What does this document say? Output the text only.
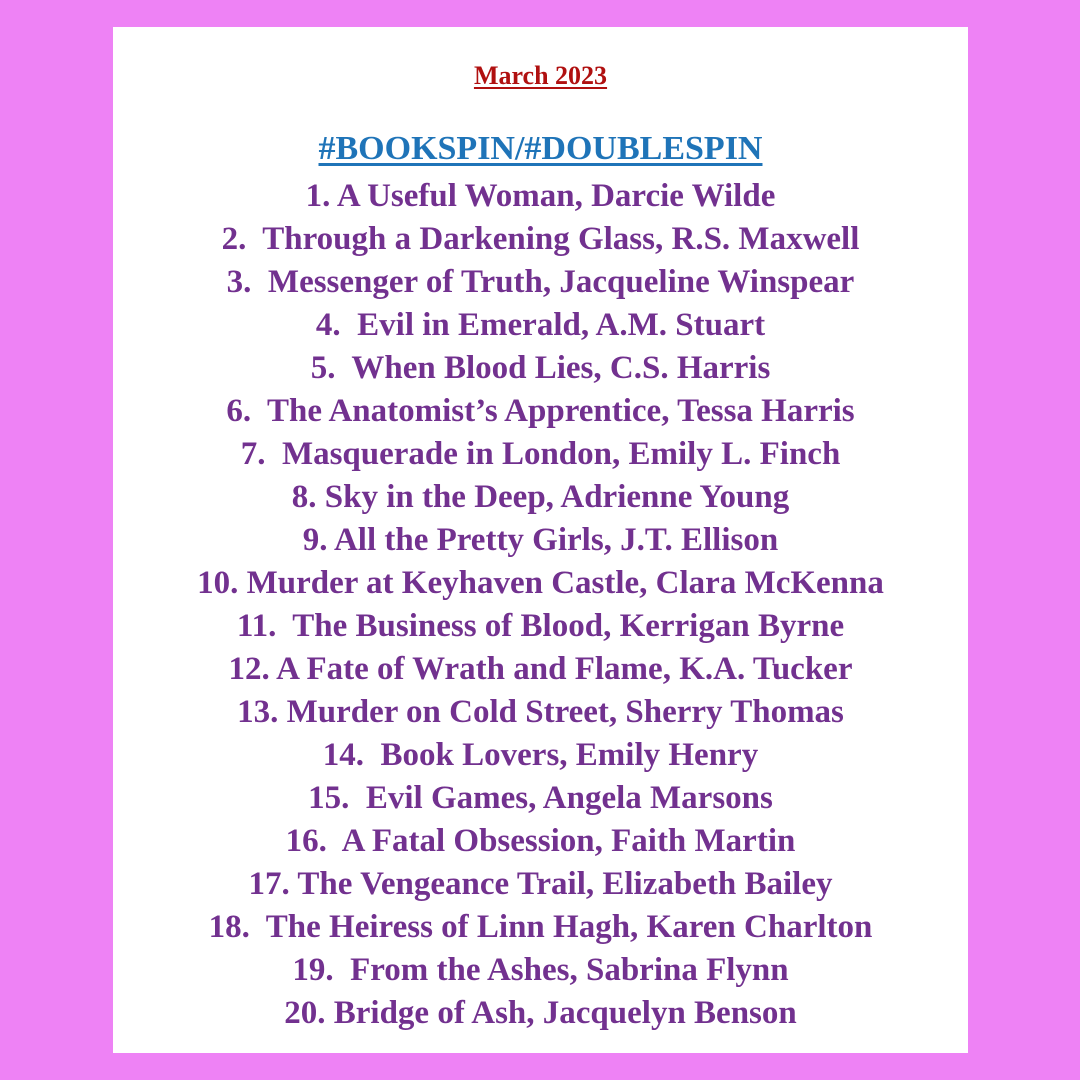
March 2023
#BOOKSPIN/#DOUBLESPIN
1. A Useful Woman, Darcie Wilde
2.  Through a Darkening Glass, R.S. Maxwell
3.  Messenger of Truth, Jacqueline Winspear
4.  Evil in Emerald, A.M. Stuart
5.  When Blood Lies, C.S. Harris
6.  The Anatomist’s Apprentice, Tessa Harris
7.  Masquerade in London, Emily L. Finch
8. Sky in the Deep, Adrienne Young
9. All the Pretty Girls, J.T. Ellison
10. Murder at Keyhaven Castle, Clara McKenna
11.  The Business of Blood, Kerrigan Byrne
12. A Fate of Wrath and Flame, K.A. Tucker
13. Murder on Cold Street, Sherry Thomas
14.  Book Lovers, Emily Henry
15.  Evil Games, Angela Marsons
16.  A Fatal Obsession, Faith Martin
17. The Vengeance Trail, Elizabeth Bailey
18.  The Heiress of Linn Hagh, Karen Charlton
19.  From the Ashes, Sabrina Flynn
20. Bridge of Ash, Jacquelyn Benson
